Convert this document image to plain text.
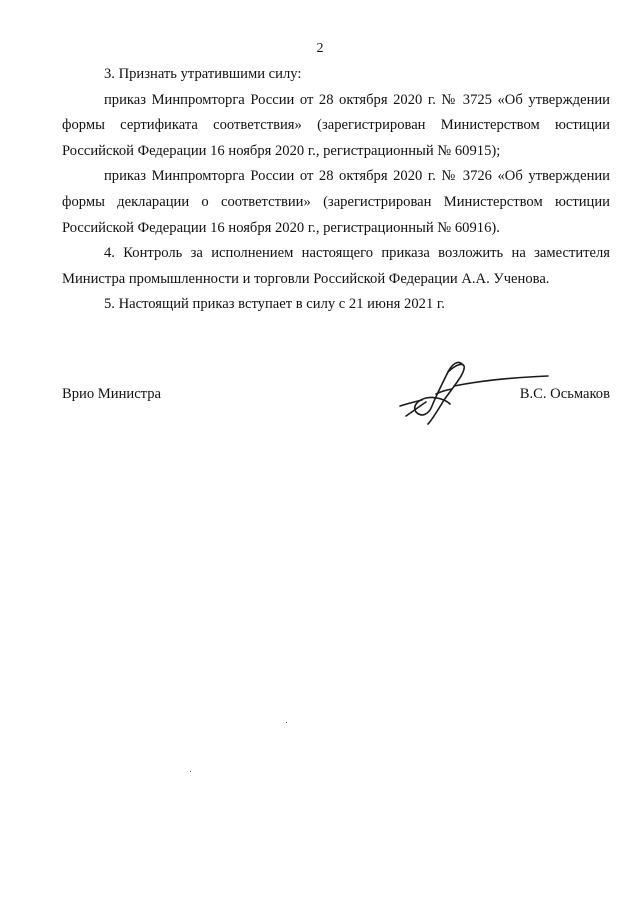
2

3. Признать утратившими силу:

приказ Минпромторга России от 28 октября 2020 г. № 3725 «Об утверждении формы сертификата соответствия» (зарегистрирован Министерством юстиции Российской Федерации 16 ноября 2020 г., регистрационный № 60915);

приказ Минпромторга России от 28 октября 2020 г. № 3726 «Об утверждении формы декларации о соответствии» (зарегистрирован Министерством юстиции Российской Федерации 16 ноября 2020 г., регистрационный № 60916).

4. Контроль за исполнением настоящего приказа возложить на заместителя Министра промышленности и торговли Российской Федерации А.А. Ученова.

5. Настоящий приказ вступает в силу с 21 июня 2021 г.

Врио Министра	В.С. Осьмаков
